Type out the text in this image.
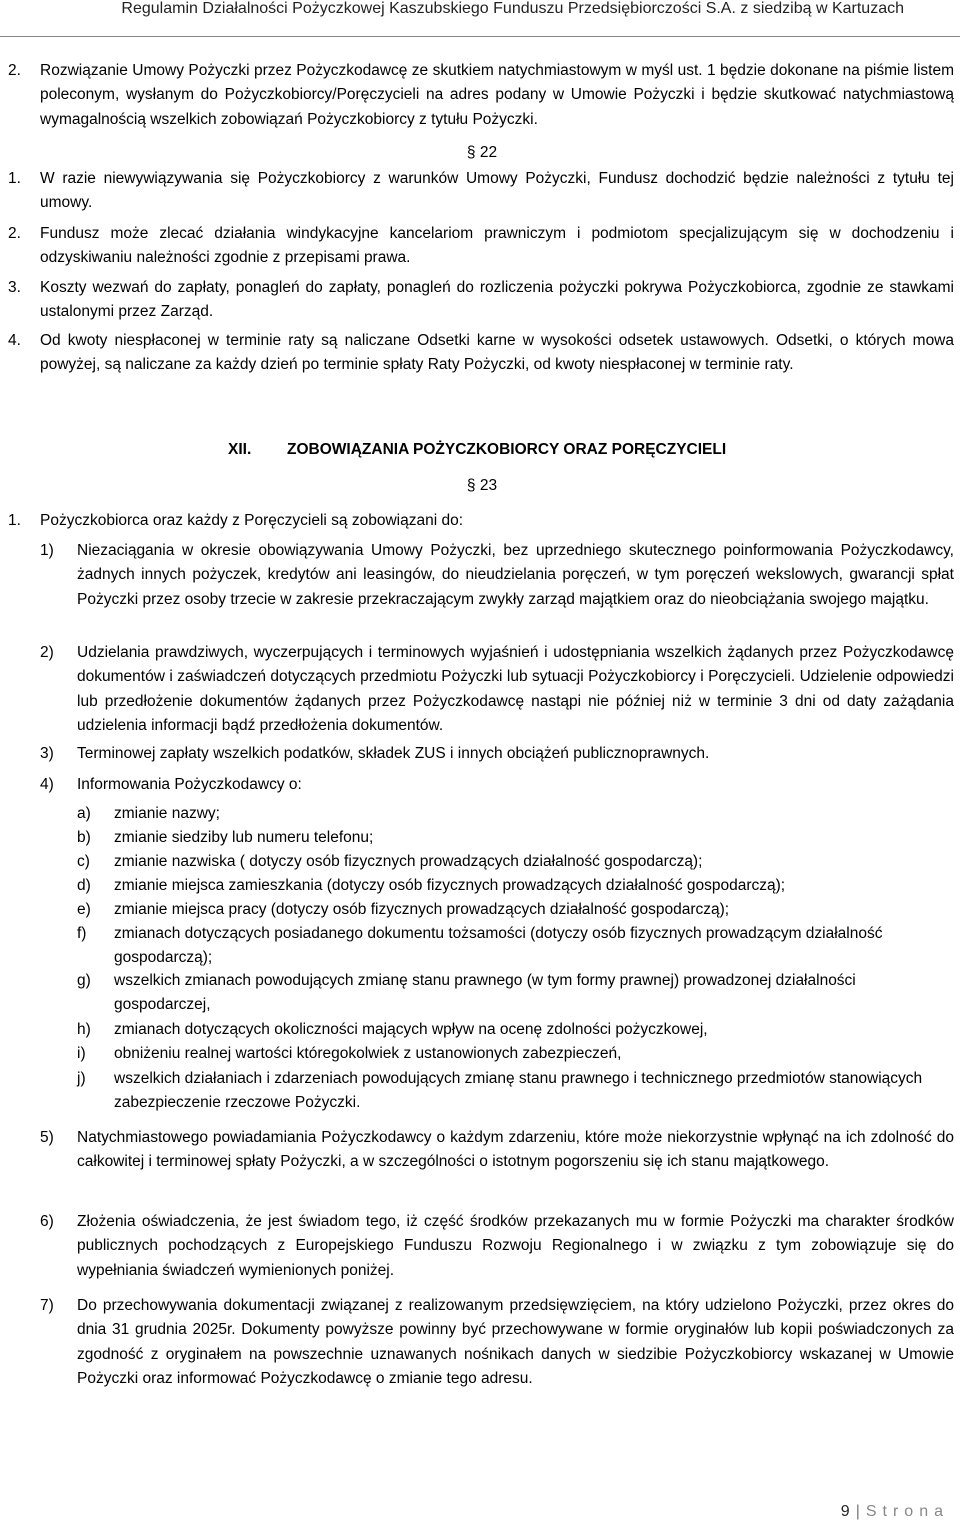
Regulamin Działalności Pożyczkowej Kaszubskiego Funduszu Przedsiębiorczości S.A. z siedzibą w Kartuzach
2.	Rozwiązanie Umowy Pożyczki przez Pożyczkodawcę ze skutkiem natychmiastowym w myśl ust. 1 będzie dokonane na piśmie listem poleconym, wysłanym do Pożyczkobiorcy/Poręczycieli na adres podany w Umowie Pożyczki i będzie skutkować natychmiastową wymagalnością wszelkich zobowiązań Pożyczkobiorcy z tytułu Pożyczki.
§ 22
1.	W razie niewywiązywania się Pożyczkobiorcy z warunków Umowy Pożyczki, Fundusz dochodzić będzie należności z tytułu tej umowy.
2.	Fundusz może zlecać działania windykacyjne kancelariom prawniczym i podmiotom specjalizującym się w dochodzeniu i odzyskiwaniu należności zgodnie z przepisami prawa.
3.	Koszty wezwań do zapłaty, ponagleń do zapłaty, ponagleń do rozliczenia pożyczki pokrywa Pożyczkobiorca, zgodnie ze stawkami ustalonymi przez Zarząd.
4.	Od kwoty niespłaconej w terminie raty są naliczane Odsetki karne w wysokości odsetek ustawowych. Odsetki, o których mowa powyżej, są naliczane za każdy dzień po terminie spłaty Raty Pożyczki, od kwoty niespłaconej w terminie raty.
XII. ZOBOWIĄZANIA POŻYCZKOBIORCY ORAZ PORĘCZYCIELI
§ 23
1.	Pożyczkobiorca oraz każdy z Poręczycieli są zobowiązani do:
1) Niezaciągania w okresie obowiązywania Umowy Pożyczki, bez uprzedniego skutecznego poinformowania Pożyczkodawcy, żadnych innych pożyczek, kredytów ani leasingów, do nieudzielania poręczeń, w tym poręczeń wekslowych, gwarancji spłat Pożyczki przez osoby trzecie w zakresie przekraczającym zwykły zarząd majątkiem oraz do nieobciążania swojego majątku.
2) Udzielania prawdziwych, wyczerpujących i terminowych wyjaśnień i udostępniania wszelkich żądanych przez Pożyczkodawcę dokumentów i zaświadczeń dotyczących przedmiotu Pożyczki lub sytuacji Pożyczkobiorcy i Poręczycieli. Udzielenie odpowiedzi lub przedłożenie dokumentów żądanych przez Pożyczkodawcę nastąpi nie później niż w terminie 3 dni od daty zażądania udzielenia informacji bądź przedłożenia dokumentów.
3) Terminowej zapłaty wszelkich podatków, składek ZUS i innych obciążeń publicznoprawnych.
4) Informowania Pożyczkodawcy o:
a) zmianie nazwy;
b) zmianie siedziby lub numeru telefonu;
c) zmianie nazwiska ( dotyczy osób fizycznych prowadzących działalność gospodarczą);
d) zmianie miejsca zamieszkania (dotyczy osób fizycznych prowadzących działalność gospodarczą);
e) zmianie miejsca pracy (dotyczy osób fizycznych prowadzących działalność gospodarczą);
f) zmianach dotyczących posiadanego dokumentu tożsamości (dotyczy osób fizycznych prowadzącym działalność gospodarczą);
g) wszelkich zmianach powodujących zmianę stanu prawnego (w tym formy prawnej) prowadzonej działalności gospodarczej,
h) zmianach dotyczących okoliczności mających wpływ na ocenę zdolności pożyczkowej,
i) obniżeniu realnej wartości któregokolwiek z ustanowionych zabezpieczeń,
j) wszelkich działaniach i zdarzeniach powodujących zmianę stanu prawnego i technicznego przedmiotów stanowiących zabezpieczenie rzeczowe Pożyczki.
5) Natychmiastowego powiadamiania Pożyczkodawcy o każdym zdarzeniu, które może niekorzystnie wpłynąć na ich zdolność do całkowitej i terminowej spłaty Pożyczki, a w szczególności o istotnym pogorszeniu się ich stanu majątkowego.
6) Złożenia oświadczenia, że jest świadom tego, iż część środków przekazanych mu w formie Pożyczki ma charakter środków publicznych pochodzących z Europejskiego Funduszu Rozwoju Regionalnego i w związku z tym zobowiązuje się do wypełniania świadczeń wymienionych poniżej.
7) Do przechowywania dokumentacji związanej z realizowanym przedsięwzięciem, na który udzielono Pożyczki, przez okres do dnia 31 grudnia 2025r. Dokumenty powyższe powinny być przechowywane w formie oryginałów lub kopii poświadczonych za zgodność z oryginałem na powszechnie uznawanych nośnikach danych w siedzibie Pożyczkobiorcy wskazanej w Umowie Pożyczki oraz informować Pożyczkodawcę o zmianie tego adresu.
9 | Strona
